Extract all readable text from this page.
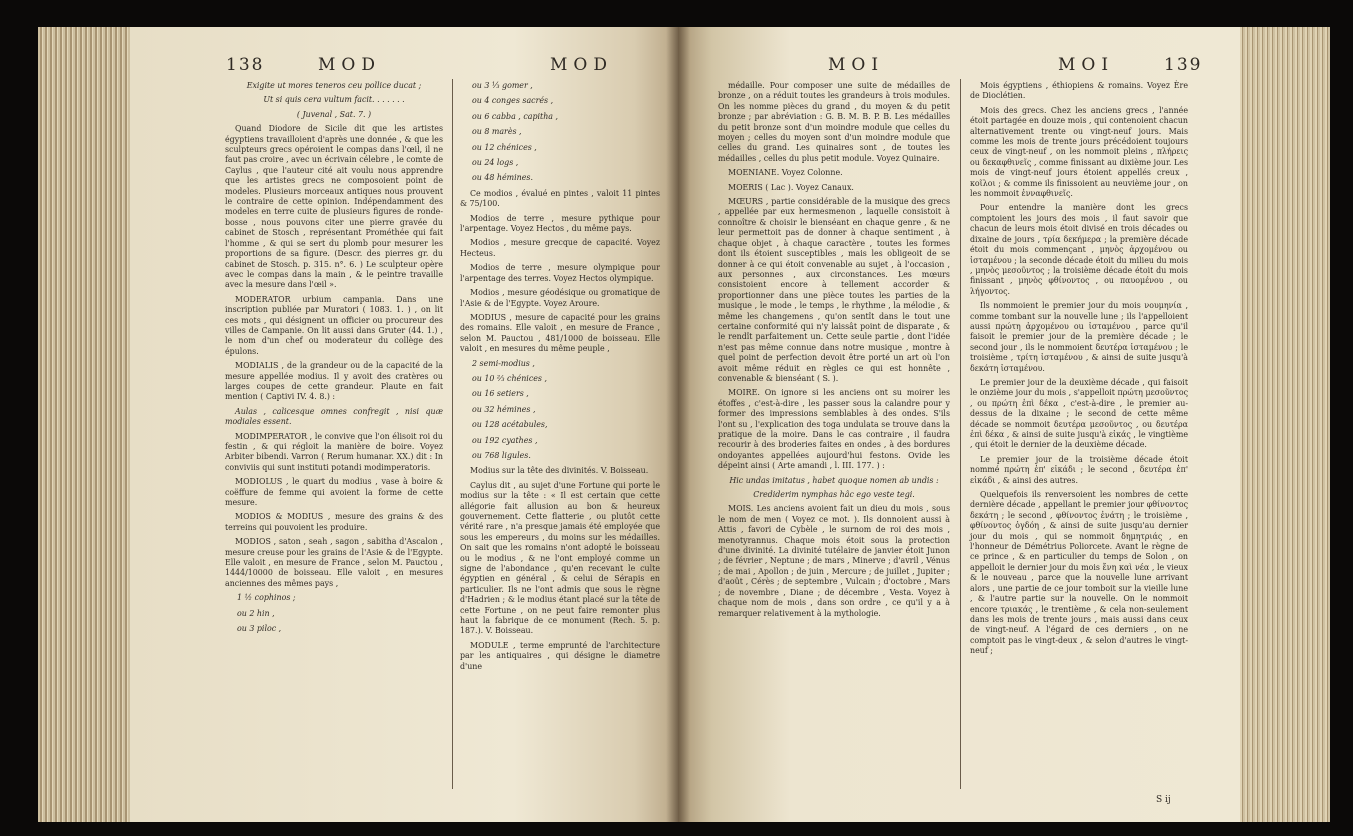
138	MOD	MOD

Exigite ut mores teneros ceu pollice ducat ;

Ut si quis cera vultum facit. . . . . . .

( Juvenal , Sat. 7. )

Quand Diodore de Sicile dit que les artistes égyptiens travailloient d'après une donnée , & que les sculpteurs grecs opéroient le compas dans l'œil, il ne faut pas croire , avec un écrivain célebre , le comte de Caylus , que l'auteur cité ait voulu nous apprendre que les artistes grecs ne composoient point de modeles. Plusieurs morceaux antiques nous prouvent le contraire de cette opinion. Indépendamment des modeles en terre cuite de plusieurs figures de ronde-bosse , nous pouvons citer une pierre gravée du cabinet de Stosch , représentant Prométhée qui fait l'homme , & qui se sert du plomb pour mesurer les proportions de sa figure. (Descr. des pierres gr. du cabinet de Stosch. p. 315. n°. 6. ) Le sculpteur opère avec le compas dans la main , & le peintre travaille avec la mesure dans l'œil ».

MODERATOR urbium campania. Dans une inscription publiée par Muratori ( 1083. 1. ) , on lit ces mots , qui désignent un officier ou procureur des villes de Campanie. On lit aussi dans Gruter (44. 1.) , le nom d'un chef ou moderateur du collège des épulons.

MODIALIS , de la grandeur ou de la capacité de la mesure appellée modius. Il y avoit des cratères ou larges coupes de cette grandeur. Plaute en fait mention ( Captivi IV. 4. 8.) :

Aulas , calicesque omnes confregit , nisi quæ modiales essent.

MODIMPERATOR , le convive que l'on élisoit roi du festin , & qui régloit la manière de boire. Voyez Arbiter bibendi. Varron ( Rerum humanar. XX.) dit : In conviviis qui sunt instituti potandi modimperatoris.

MODIOLUS , le quart du modius , vase à boire & coëffure de femme qui avoient la forme de cette mesure.

MODIOS & MODIUS , mesure des grains & des terreins qui pouvoient les produire.

MODIOS , saton , seah , sagon , sabitha d'Ascalon , mesure creuse pour les grains de l'Asie & de l'Egypte. Elle valoit , en mesure de France , selon M. Pauctou , 1444/10000 de boisseau. Elle valoit , en mesures anciennes des mêmes pays ,

1 ½ cophinos ;

ou 2 hin ,

ou 3 piloc ,

ou 3 ⅓ gomer ,

ou 4 conges sacrés ,

ou 6 cabba , capitha ,

ou 8 marès ,

ou 12 chénices ,

ou 24 logs ,

ou 48 hémines.

Ce modios , évalué en pintes , valoit 11 pintes & 75/100.

Modios de terre , mesure pythique pour l'arpentage. Voyez Hectos , du même pays.

Modios , mesure grecque de capacité. Voyez Hecteus.

Modios de terre , mesure olympique pour l'arpentage des terres. Voyez Hectos olympique.

Modios , mesure géodésique ou gromatique de l'Asie & de l'Egypte. Voyez Aroure.

MODIUS , mesure de capacité pour les grains des romains. Elle valoit , en mesure de France , selon M. Pauctou , 481/1000 de boisseau. Elle valoit , en mesures du même peuple ,

2 semi-modius ,

ou 10 ⅔ chénices ,

ou 16 setiers ,

ou 32 hémines ,

ou 128 acétabules,

ou 192 cyathes ,

ou 768 ligules.

Modius sur la tête des divinités. V. Boisseau.

Caylus dit , au sujet d'une Fortune qui porte le modius sur la tête : « Il est certain que cette allégorie fait allusion au bon & heureux gouvernement. Cette flatterie , ou plutôt cette vérité rare , n'a presque jamais été employée que sous les empereurs , du moins sur les médailles. On sait que les romains n'ont adopté le boisseau ou le modius , & ne l'ont employé comme un signe de l'abondance , qu'en recevant le culte égyptien en général , & celui de Sérapis en particulier. Ils ne l'ont admis que sous le règne d'Hadrien ; & le modius étant placé sur la tête de cette Fortune , on ne peut faire remonter plus haut la fabrique de ce monument (Rech. 5. p. 187.). V. Boisseau.

MODULE , terme emprunté de l'architecture par les antiquaires , qui désigne le diametre d'une

MOI	MOI	139

médaille. Pour composer une suite de médailles de bronze , on a réduit toutes les grandeurs à trois modules. On les nomme pièces du grand , du moyen & du petit bronze ; par abréviation : G. B. M. B. P. B. Les médailles du petit bronze sont d'un moindre module que celles du moyen ; celles du moyen sont d'un moindre module que celles du grand. Les quinaires sont , de toutes les médailles , celles du plus petit module. Voyez Quinaire.

MOENIANE. Voyez Colonne.

MOERIS ( Lac ). Voyez Canaux.

MŒURS , partie considérable de la musique des grecs , appellée par eux hermesmenon , laquelle consistoit à connoître & choisir le bienséant en chaque genre , & ne leur permettoit pas de donner à chaque sentiment , à chaque objet , à chaque caractère , toutes les formes dont ils étoient susceptibles , mais les obligeoit de se donner à ce qui étoit convenable au sujet , à l'occasion , aux personnes , aux circonstances. Les mœurs consistoient encore à tellement accorder & proportionner dans une pièce toutes les parties de la musique , le mode , le temps , le rhythme , la mélodie , & même les changemens , qu'on sentît dans le tout une certaine conformité qui n'y laissât point de disparate , & le rendît parfaitement un. Cette seule partie , dont l'idée n'est pas même connue dans notre musique , montre à quel point de perfection devoit être porté un art où l'on avoit même réduit en règles ce qui est honnête , convenable & bienséant ( S. ).

MOIRE. On ignore si les anciens ont su moirer les étoffes , c'est-à-dire , les passer sous la calandre pour y former des impressions semblables à des ondes. S'ils l'ont su , l'explication des toga undulata se trouve dans la pratique de la moire. Dans le cas contraire , il faudra recourir à des broderies faites en ondes , à des bordures ondoyantes appellées aujourd'hui festons. Ovide les dépeint ainsi ( Arte amandi , l. III. 177. ) :

Hic undas imitatus , habet quoque nomen ab undis :

Crediderim nymphas hâc ego veste tegi.

MOIS. Les anciens avoient fait un dieu du mois , sous le nom de men ( Voyez ce mot. ). Ils donnoient aussi à Attis , favori de Cybèle , le surnom de roi des mois , menotyrannus. Chaque mois étoit sous la protection d'une divinité. La divinité tutélaire de janvier étoit Junon ; de février , Neptune ; de mars , Minerve ; d'avril , Vénus ; de mai , Apollon ; de juin , Mercure ; de juillet , Jupiter ; d'août , Cérès ; de septembre , Vulcain ; d'octobre , Mars ; de novembre , Diane ; de décembre , Vesta. Voyez à chaque nom de mois , dans son ordre , ce qu'il y a à remarquer relativement à la mythologie.

Mois égyptiens , éthiopiens & romains. Voyez Ère de Dioclétien.

Mois des grecs. Chez les anciens grecs , l'année étoit partagée en douze mois , qui contenoient chacun alternativement trente ou vingt-neuf jours. Mais comme les mois de trente jours précédoient toujours ceux de vingt-neuf , on les nommoit pleins , πλήρεις ou δεκαφθινεῖς , comme finissant au dixième jour. Les mois de vingt-neuf jours étoient appellés creux , κοῖλοι ; & comme ils finissoient au neuvième jour , on les nommoit ἐνναφθινεῖς.

Pour entendre la manière dont les grecs comptoient les jours des mois , il faut savoir que chacun de leurs mois étoit divisé en trois décades ou dixaine de jours , τρία δεκήμερα ; la première décade étoit du mois commençant , μηνὸς ἀρχομένου ou ἱσταμένου ; la seconde décade étoit du milieu du mois , μηνὸς μεσοῦντος ; la troisième décade étoit du mois finissant , μηνὸς φθίνοντος , ou παυομένου , ou λήγοντος.

Ils nommoient le premier jour du mois νουμηνία , comme tombant sur la nouvelle lune ; ils l'appelloient aussi πρώτη ἀρχομένου ou ἱσταμένου , parce qu'il faisoit le premier jour de la première décade ; le second jour , ils le nommoient δευτέρα ἱσταμένου ; le troisième , τρίτη ἱσταμένου , & ainsi de suite jusqu'à δεκάτη ἱσταμένου.

Le premier jour de la deuxième décade , qui faisoit le onzième jour du mois , s'appelloit πρώτη μεσοῦντος , ou πρώτη ἐπὶ δέκα , c'est-à-dire , le premier au-dessus de la dixaine ; le second de cette même décade se nommoit δευτέρα μεσοῦντος , ou δευτέρα ἐπὶ δέκα , & ainsi de suite jusqu'à εἰκάς , le vingtième , qui étoit le dernier de la deuxième décade.

Le premier jour de la troisième décade étoit nommé πρώτη ἐπ' εἰκάδι ; le second , δευτέρα ἐπ' εἰκάδι , & ainsi des autres.

Quelquefois ils renversoient les nombres de cette dernière décade , appellant le premier jour φθίνοντος δεκάτη ; le second , φθίνοντος ἐνάτη ; le troisième , φθίνοντος ὀγδόη , & ainsi de suite jusqu'au dernier jour du mois , qui se nommoit δημητριάς , en l'honneur de Démétrius Poliorcete. Avant le règne de ce prince , & en particulier du temps de Solon , on appelloit le dernier jour du mois ἔνη καὶ νέα , le vieux & le nouveau , parce que la nouvelle lune arrivant alors , une partie de ce jour tomboit sur la vieille lune , & l'autre partie sur la nouvelle. On le nommoit encore τριακάς , le trentième , & cela non-seulement dans les mois de trente jours , mais aussi dans ceux de vingt-neuf. A l'égard de ces derniers , on ne comptoit pas le vingt-deux , & selon d'autres le vingt-neuf ;

S ij
